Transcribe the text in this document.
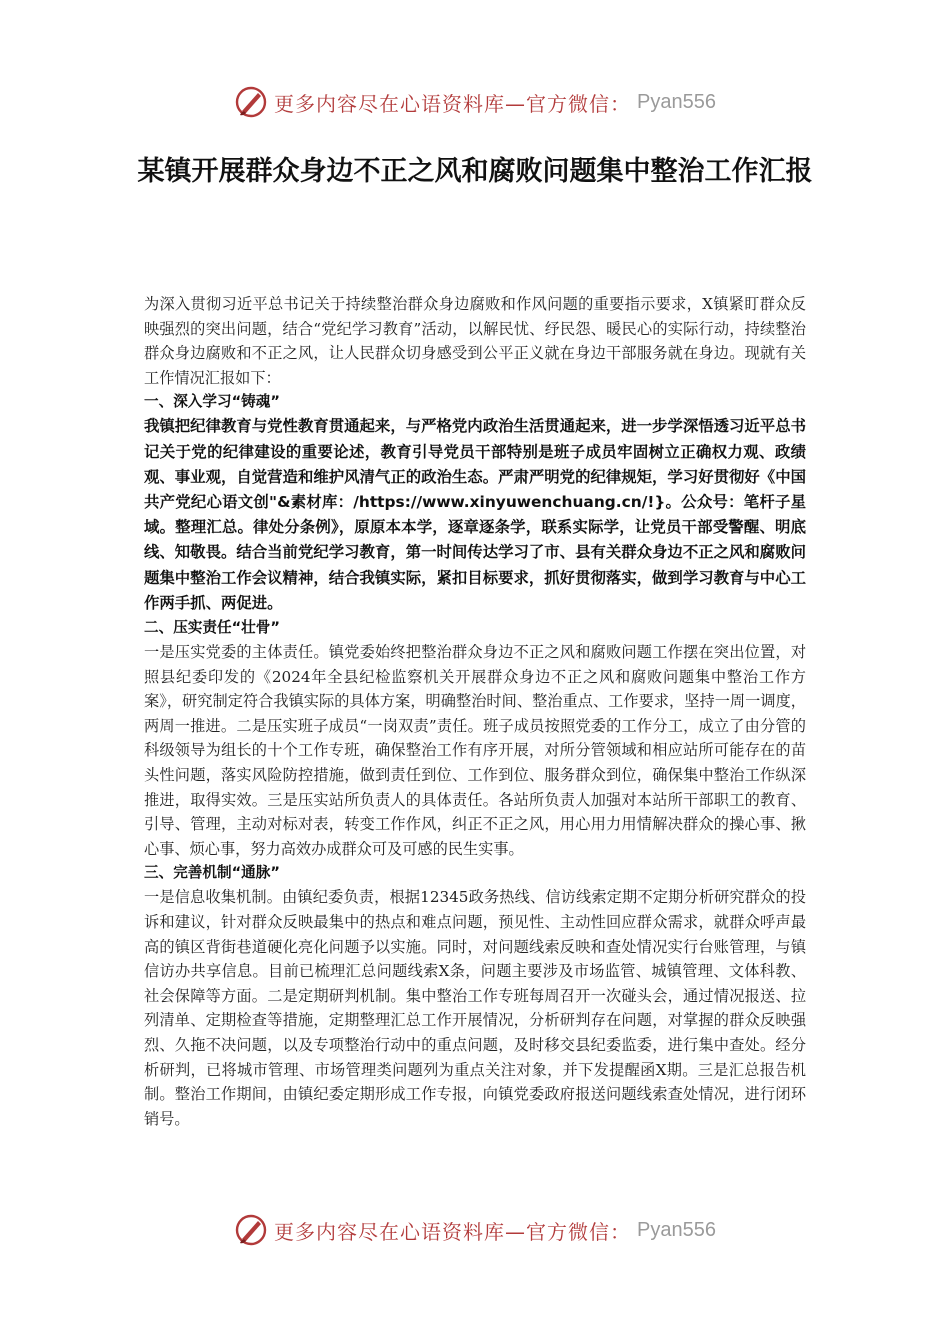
更多内容尽在心语资料库—官方微信： Pyan556
某镇开展群众身边不正之风和腐败问题集中整治工作汇报

为深入贯彻习近平总书记关于持续整治群众身边腐败和作风问题的重要指示要求，X镇紧盯群众反映强烈的突出问题，结合“党纪学习教育”活动，以解民忧、纾民怨、暖民心的实际行动，持续整治群众身边腐败和不正之风，让人民群众切身感受到公平正义就在身边干部服务就在身边。现就有关工作情况汇报如下：

一、深入学习“铸魂”

我镇把纪律教育与党性教育贯通起来，与严格党内政治生活贯通起来，进一步学深悟透习近平总书记关于党的纪律建设的重要论述，教育引导党员干部特别是班子成员牢固树立正确权力观、政绩观、事业观，自觉营造和维护风清气正的政治生态。严肃严明党的纪律规矩，学习好贯彻好《中国共产党纪心语文创"&素材库：/https://www.xinyuwenchuang.cn/!}。公众号：笔杆子星域。整理汇总。律处分条例》，原原本本学，逐章逐条学，联系实际学，让党员干部受警醒、明底线、知敬畏。结合当前党纪学习教育，第一时间传达学习了市、县有关群众身边不正之风和腐败问题集中整治工作会议精神，结合我镇实际，紧扣目标要求，抓好贯彻落实，做到学习教育与中心工作两手抓、两促进。

二、压实责任“壮骨”

一是压实党委的主体责任。镇党委始终把整治群众身边不正之风和腐败问题工作摆在突出位置，对照县纪委印发的《2024年全县纪检监察机关开展群众身边不正之风和腐败问题集中整治工作方案》，研究制定符合我镇实际的具体方案，明确整治时间、整治重点、工作要求，坚持一周一调度，两周一推进。二是压实班子成员“一岗双责”责任。班子成员按照党委的工作分工，成立了由分管的科级领导为组长的十个工作专班，确保整治工作有序开展，对所分管领域和相应站所可能存在的苗头性问题，落实风险防控措施，做到责任到位、工作到位、服务群众到位，确保集中整治工作纵深推进，取得实效。三是压实站所负责人的具体责任。各站所负责人加强对本站所干部职工的教育、引导、管理，主动对标对表，转变工作作风，纠正不正之风，用心用力用情解决群众的操心事、揪心事、烦心事，努力高效办成群众可及可感的民生实事。

三、完善机制“通脉”

一是信息收集机制。由镇纪委负责，根据12345政务热线、信访线索定期不定期分析研究群众的投诉和建议，针对群众反映最集中的热点和难点问题，预见性、主动性回应群众需求，就群众呼声最高的镇区背街巷道硬化亮化问题予以实施。同时，对问题线索反映和查处情况实行台账管理，与镇信访办共享信息。目前已梳理汇总问题线索X条，问题主要涉及市场监管、城镇管理、文体科教、社会保障等方面。二是定期研判机制。集中整治工作专班每周召开一次碰头会，通过情况报送、拉列清单、定期检查等措施，定期整理汇总工作开展情况，分析研判存在问题，对掌握的群众反映强烈、久拖不决问题，以及专项整治行动中的重点问题，及时移交县纪委监委，进行集中查处。经分析研判，已将城市管理、市场管理类问题列为重点关注对象，并下发提醒函X期。三是汇总报告机制。整治工作期间，由镇纪委定期形成工作专报，向镇党委政府报送问题线索查处情况，进行闭环销号。

更多内容尽在心语资料库—官方微信： Pyan556
